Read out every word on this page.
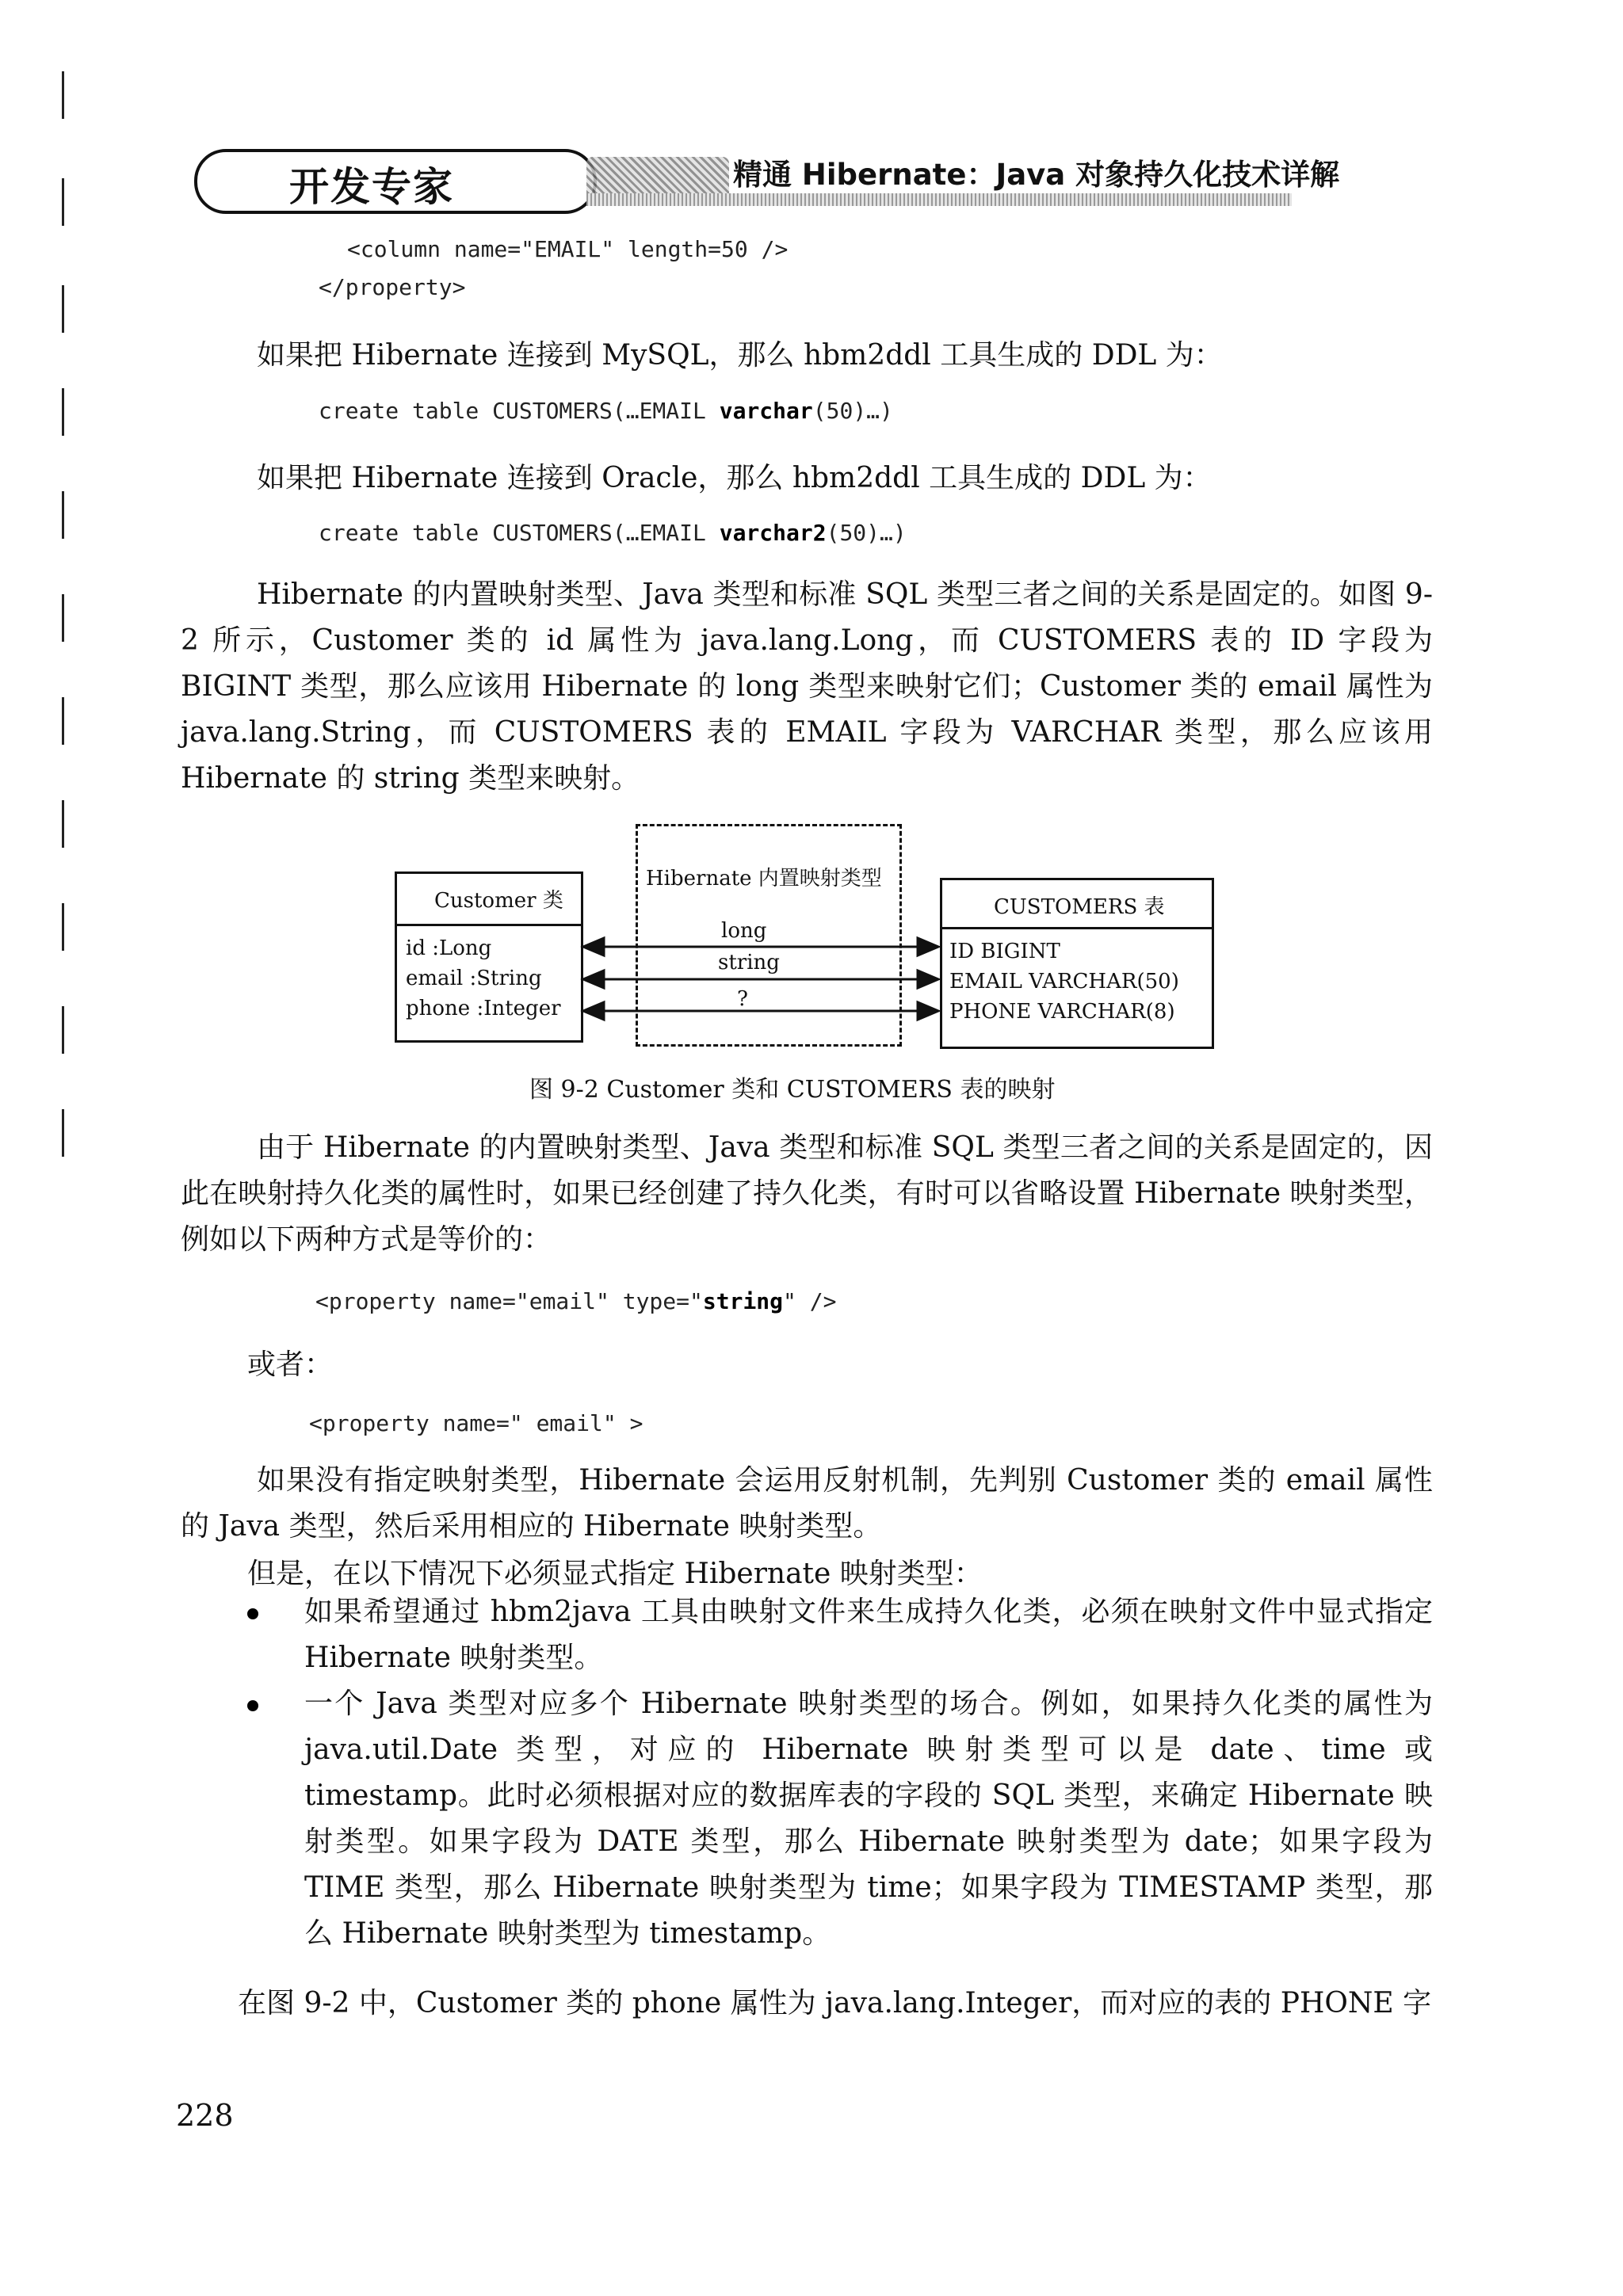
开发专家	精通 Hibernate：Java 对象持久化技术详解
<column name="EMAIL" length=50 />
</property>
如果把 Hibernate 连接到 MySQL，那么 hbm2ddl 工具生成的 DDL 为：
create table CUSTOMERS(…EMAIL varchar(50)…)
如果把 Hibernate 连接到 Oracle，那么 hbm2ddl 工具生成的 DDL 为：
create table CUSTOMERS(…EMAIL varchar2(50)…)
Hibernate 的内置映射类型、Java 类型和标准 SQL 类型三者之间的关系是固定的。如图 9-2 所示，Customer 类的 id 属性为 java.lang.Long，而 CUSTOMERS 表的 ID 字段为 BIGINT 类型，那么应该用 Hibernate 的 long 类型来映射它们；Customer 类的 email 属性为 java.lang.String，而 CUSTOMERS 表的 EMAIL 字段为 VARCHAR 类型，那么应该用 Hibernate 的 string 类型来映射。
Hibernate 内置映射类型
Customer 类
id :Long
email :String
phone :Integer
CUSTOMERS 表
ID BIGINT
EMAIL VARCHAR(50)
PHONE VARCHAR(8)
long
string
?
图 9-2 Customer 类和 CUSTOMERS 表的映射
由于 Hibernate 的内置映射类型、Java 类型和标准 SQL 类型三者之间的关系是固定的，因此在映射持久化类的属性时，如果已经创建了持久化类，有时可以省略设置 Hibernate 映射类型，例如以下两种方式是等价的：
<property name="email" type="string" />
或者：
<property name=" email" >
如果没有指定映射类型，Hibernate 会运用反射机制，先判别 Customer 类的 email 属性的 Java 类型，然后采用相应的 Hibernate 映射类型。
但是，在以下情况下必须显式指定 Hibernate 映射类型：
如果希望通过 hbm2java 工具由映射文件来生成持久化类，必须在映射文件中显式指定 Hibernate 映射类型。
一个 Java 类型对应多个 Hibernate 映射类型的场合。例如，如果持久化类的属性为 java.util.Date 类型，对应的 Hibernate 映射类型可以是 date、time 或 timestamp。此时必须根据对应的数据库表的字段的 SQL 类型，来确定 Hibernate 映射类型。如果字段为 DATE 类型，那么 Hibernate 映射类型为 date；如果字段为 TIME 类型，那么 Hibernate 映射类型为 time；如果字段为 TIMESTAMP 类型，那么 Hibernate 映射类型为 timestamp。
在图 9-2 中，Customer 类的 phone 属性为 java.lang.Integer，而对应的表的 PHONE 字
228
